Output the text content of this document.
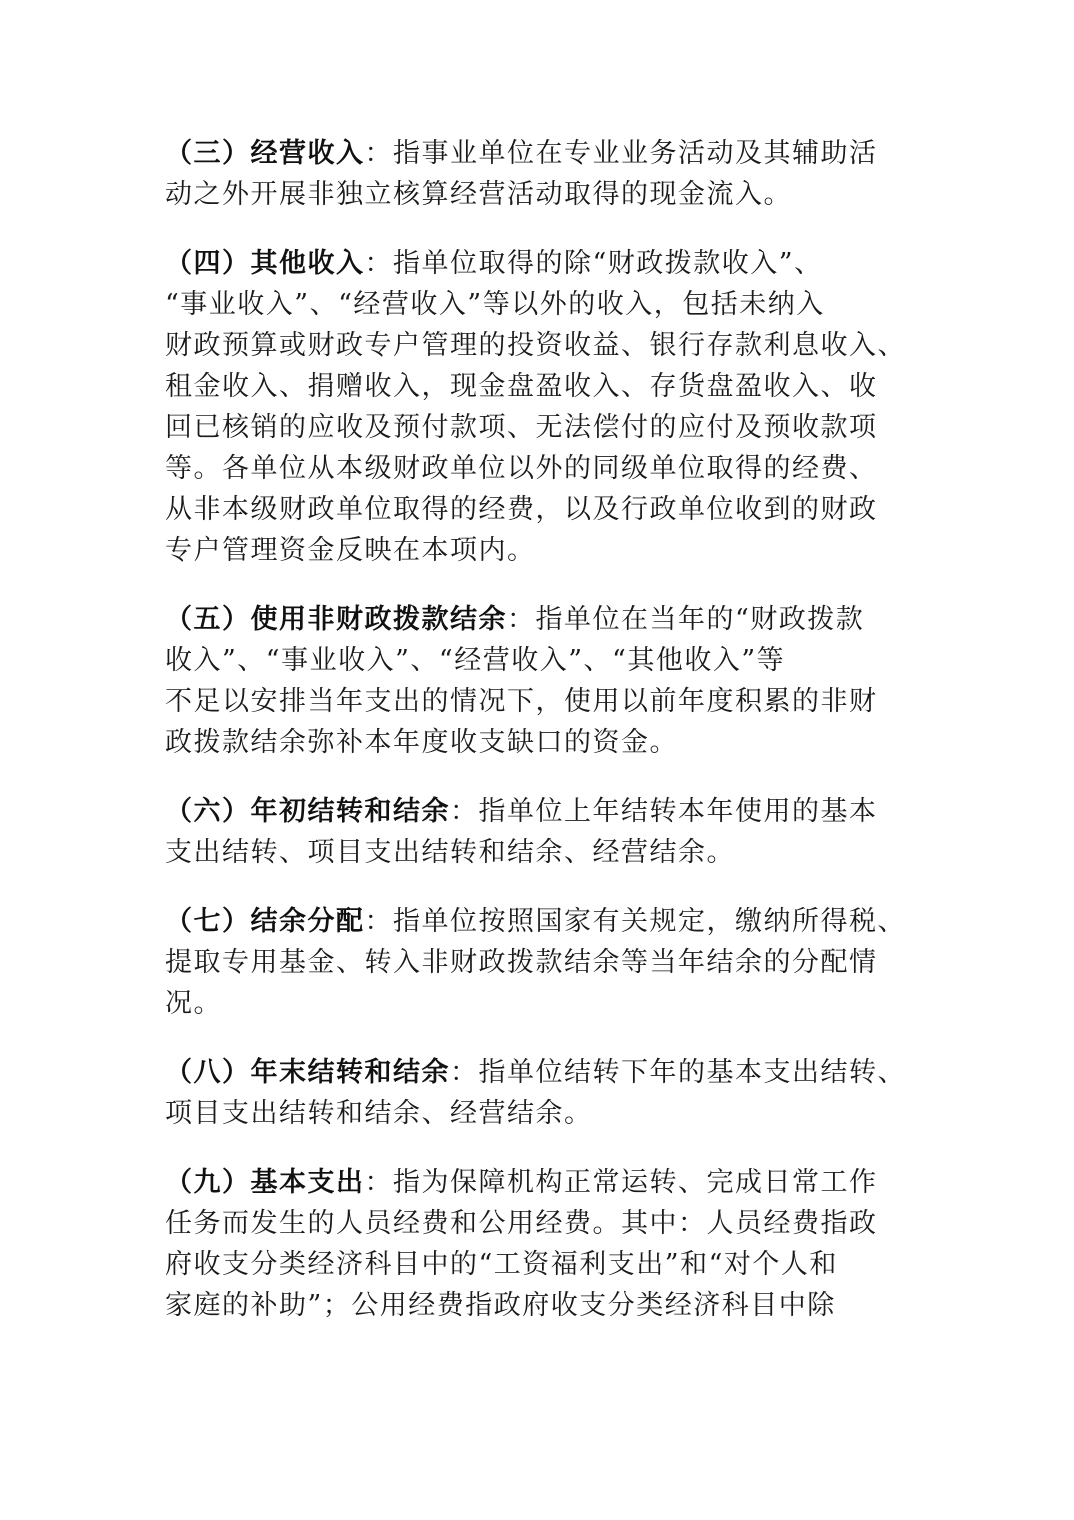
（三）经营收入：指事业单位在专业业务活动及其辅助活
动之外开展非独立核算经营活动取得的现金流入。
（四）其他收入：指单位取得的除“财政拨款收入”、
“事业收入”、“经营收入”等以外的收入，包括未纳入
财政预算或财政专户管理的投资收益、银行存款利息收入、
租金收入、捐赠收入，现金盘盈收入、存货盘盈收入、收
回已核销的应收及预付款项、无法偿付的应付及预收款项
等。各单位从本级财政单位以外的同级单位取得的经费、
从非本级财政单位取得的经费，以及行政单位收到的财政
专户管理资金反映在本项内。
（五）使用非财政拨款结余：指单位在当年的“财政拨款
收入”、“事业收入”、“经营收入”、“其他收入”等
不足以安排当年支出的情况下，使用以前年度积累的非财
政拨款结余弥补本年度收支缺口的资金。
（六）年初结转和结余：指单位上年结转本年使用的基本
支出结转、项目支出结转和结余、经营结余。
（七）结余分配：指单位按照国家有关规定，缴纳所得税、
提取专用基金、转入非财政拨款结余等当年结余的分配情
况。
（八）年末结转和结余：指单位结转下年的基本支出结转、
项目支出结转和结余、经营结余。
（九）基本支出：指为保障机构正常运转、完成日常工作
任务而发生的人员经费和公用经费。其中：人员经费指政
府收支分类经济科目中的“工资福利支出”和“对个人和
家庭的补助”；公用经费指政府收支分类经济科目中除
